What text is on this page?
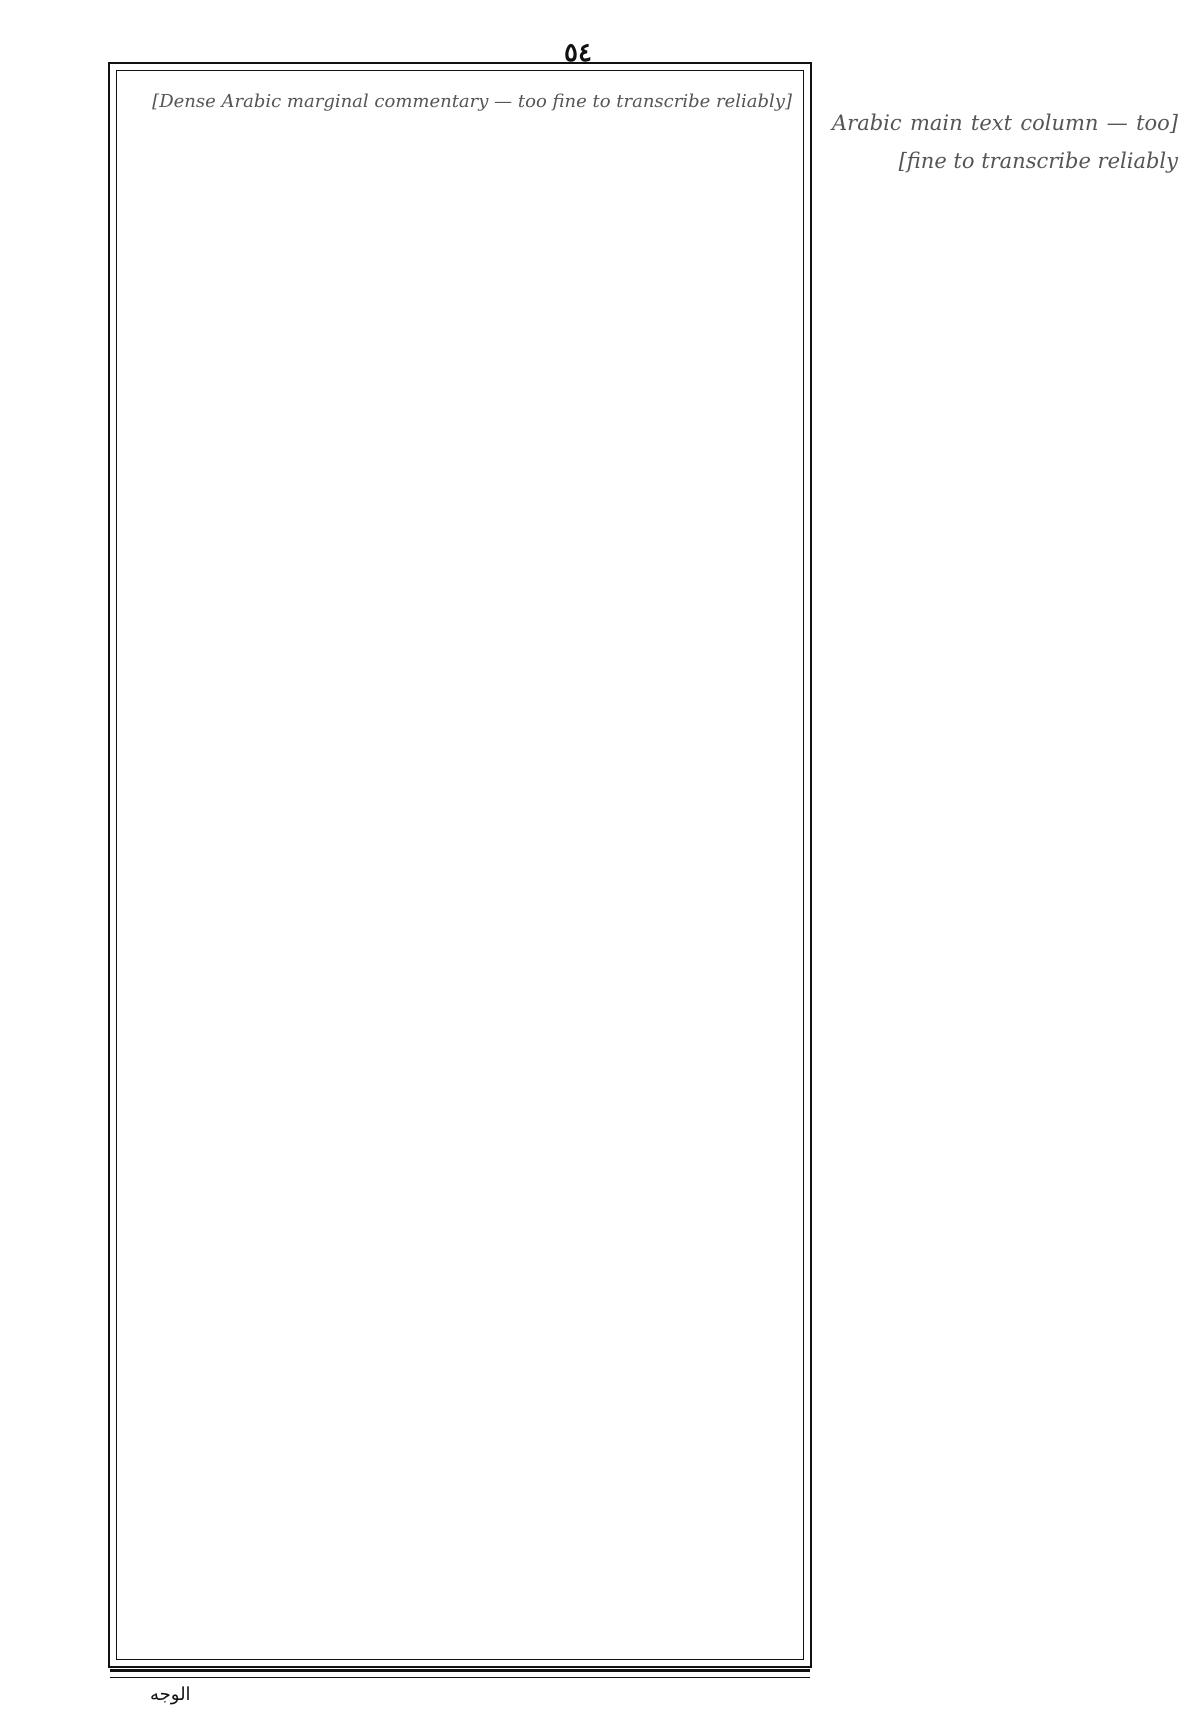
٥٤
[Dense Arabic marginal commentary — too fine to transcribe reliably]
[Arabic main text column — too fine to transcribe reliably]
الوجه
